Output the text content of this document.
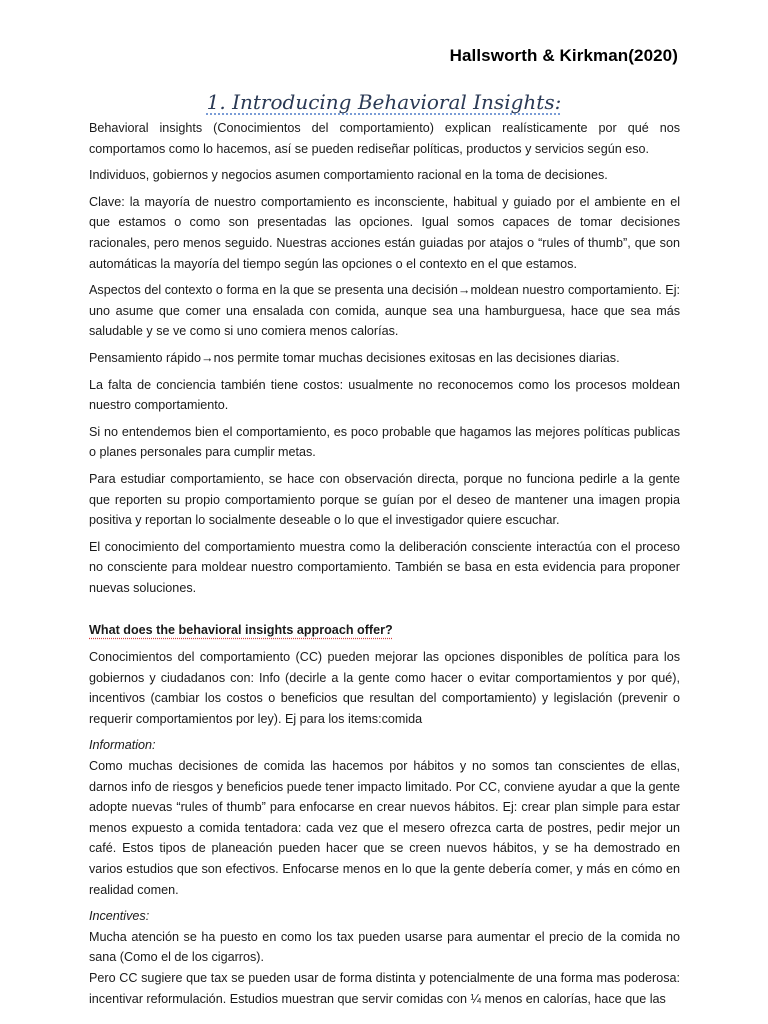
Hallsworth & Kirkman(2020)
1. Introducing Behavioral Insights:

Behavioral insights (Conocimientos del comportamiento) explican realísticamente por qué nos comportamos como lo hacemos, así se pueden rediseñar políticas, productos y servicios según eso.

Individuos, gobiernos y negocios asumen comportamiento racional en la toma de decisiones.

Clave: la mayoría de nuestro comportamiento es inconsciente, habitual y guiado por el ambiente en el que estamos o como son presentadas las opciones. Igual somos capaces de tomar decisiones racionales, pero menos seguido. Nuestras acciones están guiadas por atajos o “rules of thumb”, que son automáticas la mayoría del tiempo según las opciones o el contexto en el que estamos.

Aspectos del contexto o forma en la que se presenta una decisión→moldean nuestro comportamiento. Ej: uno asume que comer una ensalada con comida, aunque sea una hamburguesa, hace que sea más saludable y se ve como si uno comiera menos calorías.

Pensamiento rápido→nos permite tomar muchas decisiones exitosas en las decisiones diarias.

La falta de conciencia también tiene costos: usualmente no reconocemos como los procesos moldean nuestro comportamiento.

Si no entendemos bien el comportamiento, es poco probable que hagamos las mejores políticas publicas o planes personales para cumplir metas.

Para estudiar comportamiento, se hace con observación directa, porque no funciona pedirle a la gente que reporten su propio comportamiento porque se guían por el deseo de mantener una imagen propia positiva y reportan lo socialmente deseable o lo que el investigador quiere escuchar.

El conocimiento del comportamiento muestra como la deliberación consciente interactúa con el proceso no consciente para moldear nuestro comportamiento. También se basa en esta evidencia para proponer nuevas soluciones.

What does the behavioral insights approach offer?

Conocimientos del comportamiento (CC) pueden mejorar las opciones disponibles de política para los gobiernos y ciudadanos con: Info (decirle a la gente como hacer o evitar comportamientos y por qué), incentivos (cambiar los costos o beneficios que resultan del comportamiento) y legislación (prevenir o requerir comportamientos por ley). Ej para los items:comida

Information:

Como muchas decisiones de comida las hacemos por hábitos y no somos tan conscientes de ellas, darnos info de riesgos y beneficios puede tener impacto limitado. Por CC, conviene ayudar a que la gente adopte nuevas “rules of thumb” para enfocarse en crear nuevos hábitos. Ej: crear plan simple para estar menos expuesto a comida tentadora: cada vez que el mesero ofrezca carta de postres, pedir mejor un café. Estos tipos de planeación pueden hacer que se creen nuevos hábitos, y se ha demostrado en varios estudios que son efectivos. Enfocarse menos en lo que la gente debería comer, y más en cómo en realidad comen.

Incentives:

Mucha atención se ha puesto en como los tax pueden usarse para aumentar el precio de la comida no sana (Como el de los cigarros).

Pero CC sugiere que tax se pueden usar de forma distinta y potencialmente de una forma mas poderosa: incentivar reformulación. Estudios muestran que servir comidas con ¼ menos en calorías, hace que las
